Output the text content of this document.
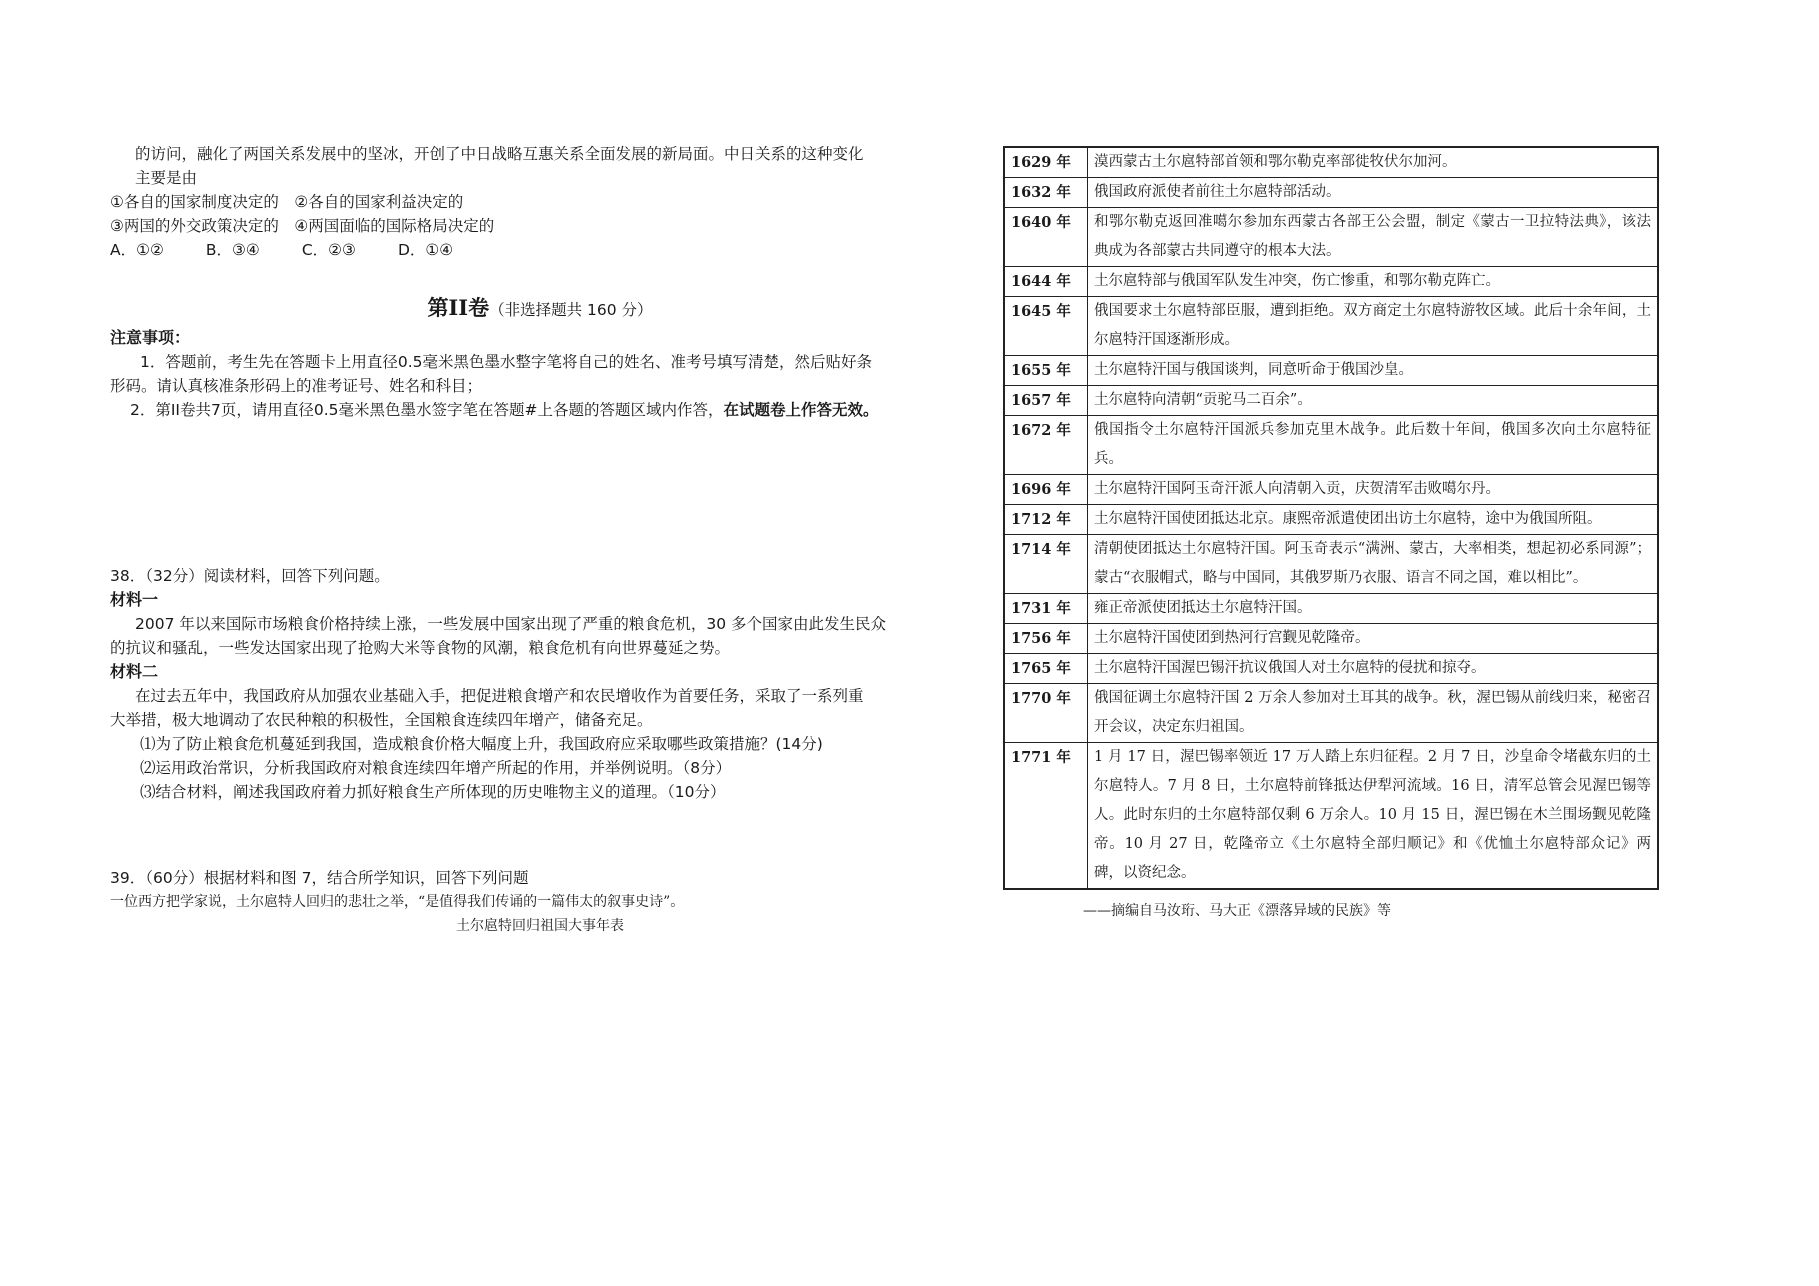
的访问，融化了两国关系发展中的坚冰，开创了中日战略互惠关系全面发展的新局面。中日关系的这种变化

主要是由

①各自的国家制度决定的　②各自的国家利益决定的

③两国的外交政策决定的　④两国面临的国际格局决定的

A．①②	B．③④	C．②③	D．①④

第II卷（非选择题共 160 分）

注意事项：

1．答题前，考生先在答题卡上用直径0.5毫米黑色墨水整字笔将自己的姓名、准考号填写清楚，然后贴好条

形码。请认真核准条形码上的准考证号、姓名和科目；

2．第II卷共7页，请用直径0.5毫米黑色墨水签字笔在答题#上各题的答题区域内作答，在试题卷上作答无效。

38．（32分）阅读材料，回答下列问题。

材料一

2007 年以来国际市场粮食价格持续上涨，一些发展中国家出现了严重的粮食危机，30 多个国家由此发生民众

的抗议和骚乱，一些发达国家出现了抢购大米等食物的风潮，粮食危机有向世界蔓延之势。

材料二

在过去五年中，我国政府从加强农业基础入手，把促进粮食增产和农民增收作为首要任务，采取了一系列重

大举措，极大地调动了农民种粮的积极性，全国粮食连续四年增产，储备充足。

⑴为了防止粮食危机蔓延到我国，造成粮食价格大幅度上升，我国政府应采取哪些政策措施？(14分)

⑵运用政治常识，分析我国政府对粮食连续四年增产所起的作用，并举例说明。（8分）

⑶结合材料，阐述我国政府着力抓好粮食生产所体现的历史唯物主义的道理。（10分）

39．（60分）根据材料和图 7，结合所学知识，回答下列问题

一位西方把学家说，土尔扈特人回归的悲壮之举，“是值得我们传诵的一篇伟太的叙事史诗”。

土尔扈特回归祖国大事年表

1629 年	漠西蒙古土尔扈特部首领和鄂尔勒克率部徙牧伏尔加河。
1632 年	俄国政府派使者前往土尔扈特部活动。
1640 年	和鄂尔勒克返回准噶尔参加东西蒙古各部王公会盟，制定《蒙古一卫拉特法典》，该法典成为各部蒙古共同遵守的根本大法。
1644 年	土尔扈特部与俄国军队发生冲突，伤亡惨重，和鄂尔勒克阵亡。
1645 年	俄国要求土尔扈特部臣服，遭到拒绝。双方商定土尔扈特游牧区域。此后十余年间，土尔扈特汗国逐渐形成。
1655 年	土尔扈特汗国与俄国谈判，同意听命于俄国沙皇。
1657 年	土尔扈特向清朝“贡驼马二百余”。
1672 年	俄国指令土尔扈特汗国派兵参加克里木战争。此后数十年间，俄国多次向土尔扈特征兵。
1696 年	土尔扈特汗国阿玉奇汗派人向清朝入贡，庆贺清军击败噶尔丹。
1712 年	土尔扈特汗国使团抵达北京。康熙帝派遣使团出访土尔扈特，途中为俄国所阻。
1714 年	清朝使团抵达土尔扈特汗国。阿玉奇表示“满洲、蒙古，大率相类，想起初必系同源”；蒙古“衣服帽式，略与中国同，其俄罗斯乃衣服、语言不同之国，难以相比”。
1731 年	雍正帝派使团抵达土尔扈特汗国。
1756 年	土尔扈特汗国使团到热河行宫觐见乾隆帝。
1765 年	土尔扈特汗国渥巴锡汗抗议俄国人对土尔扈特的侵扰和掠夺。
1770 年	俄国征调土尔扈特汗国 2 万余人参加对土耳其的战争。秋，渥巴锡从前线归来，秘密召开会议，决定东归祖国。
1771 年	1 月 17 日，渥巴锡率领近 17 万人踏上东归征程。2 月 7 日，沙皇命令堵截东归的土尔扈特人。7 月 8 日，土尔扈特前锋抵达伊犁河流域。16 日，清军总管会见渥巴锡等人。此时东归的土尔扈特部仅剩 6 万余人。10 月 15 日，渥巴锡在木兰围场觐见乾隆帝。10 月 27 日，乾隆帝立《土尔扈特全部归顺记》和《优恤土尔扈特部众记》两碑，以资纪念。
——摘编自马汝珩、马大正《漂落异域的民族》等
